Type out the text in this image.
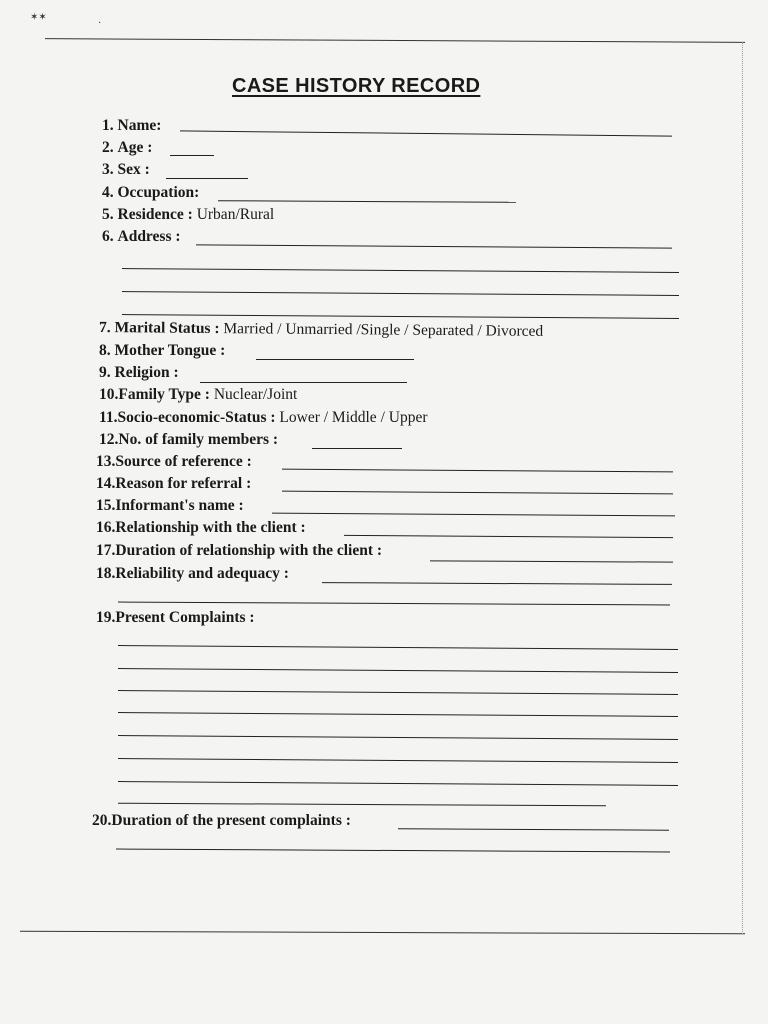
✶✶
·
CASE HISTORY RECORD
1. Name:
2. Age :
3. Sex :
4. Occupation:
5. Residence : Urban/Rural
6. Address :
7. Marital Status : Married / Unmarried /Single / Separated / Divorced
8. Mother Tongue :
9. Religion :
10.Family Type : Nuclear/Joint
11.Socio-economic-Status : Lower / Middle / Upper
12.No. of family members :
13.Source of reference :
14.Reason for referral :
15.Informant's name :
16.Relationship with the client :
17.Duration of relationship with the client :
18.Reliability and adequacy :
19.Present Complaints :
20.Duration of the present complaints :
